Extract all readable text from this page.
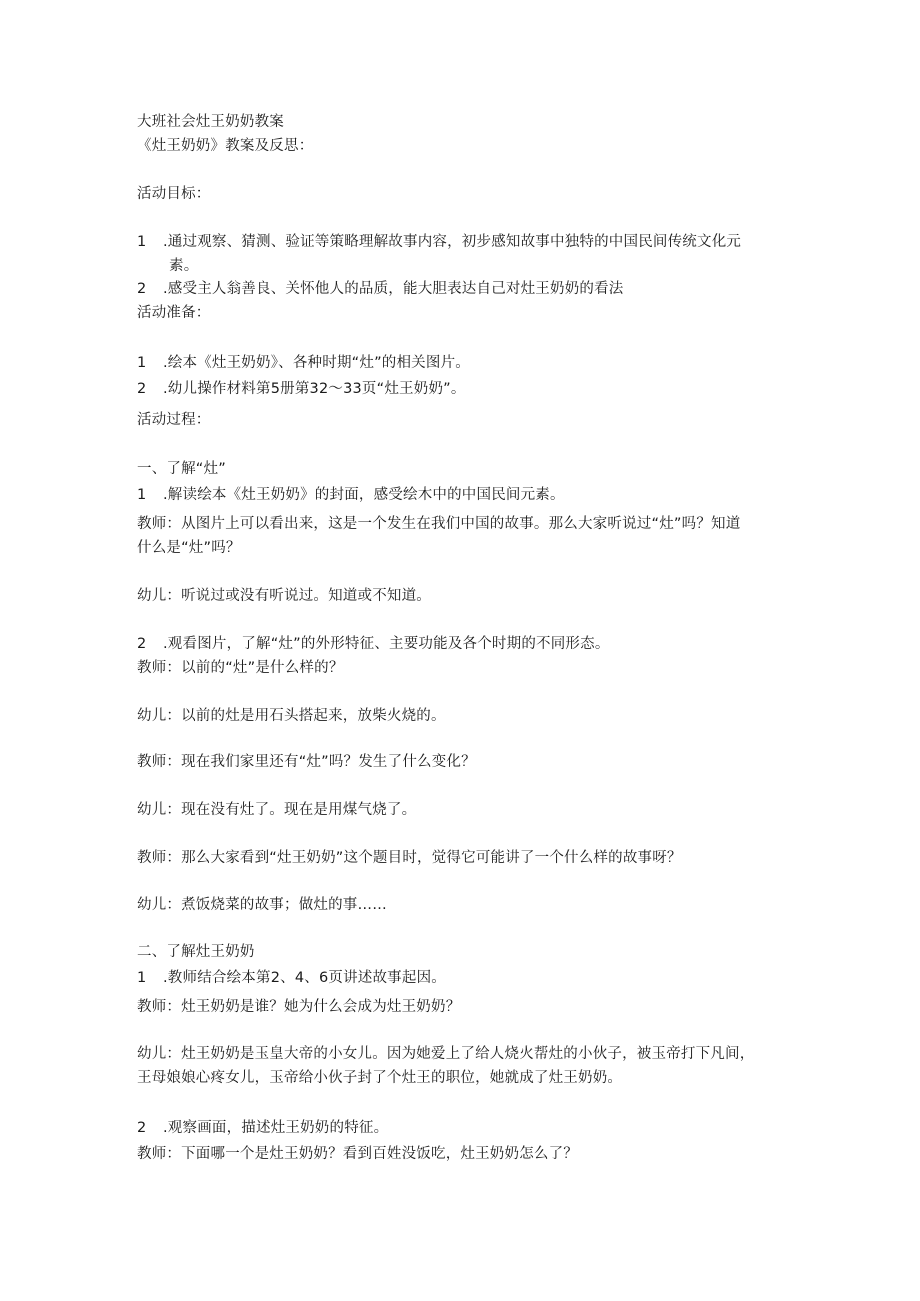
大班社会灶王奶奶教案
《灶王奶奶》教案及反思：
活动目标：
1 .通过观察、猜测、验证等策略理解故事内容，初步感知故事中独特的中国民间传统文化元
素。
2 .感受主人翁善良、关怀他人的品质，能大胆表达自己对灶王奶奶的看法
活动准备：
1 .绘本《灶王奶奶》、各种时期“灶”的相关图片。
2 .幼儿操作材料第5册第32〜33页“灶王奶奶”。
活动过程：
一、了解“灶”
1 .解读绘本《灶王奶奶》的封面，感受绘木中的中国民间元素。
教师：从图片上可以看出来，这是一个发生在我们中国的故事。那么大家听说过“灶”吗？知道
什么是“灶”吗？
幼儿：听说过或没有听说过。知道或不知道。
2 .观看图片，了解“灶”的外形特征、主要功能及各个时期的不同形态。
教师：以前的“灶”是什么样的？
幼儿：以前的灶是用石头搭起来，放柴火烧的。
教师：现在我们家里还有“灶”吗？发生了什么变化？
幼儿：现在没有灶了。现在是用煤气烧了。
教师：那么大家看到“灶王奶奶”这个题目时，觉得它可能讲了一个什么样的故事呀？
幼儿：煮饭烧菜的故事；做灶的事……
二、了解灶王奶奶
1 .教师结合绘本第2、4、6页讲述故事起因。
教师：灶王奶奶是谁？她为什么会成为灶王奶奶？
幼儿：灶王奶奶是玉皇大帝的小女儿。因为她爱上了给人烧火帮灶的小伙子，被玉帝打下凡间，
王母娘娘心疼女儿，玉帝给小伙子封了个灶王的职位，她就成了灶王奶奶。
2 .观察画面，描述灶王奶奶的特征。
教师：下面哪一个是灶王奶奶？看到百姓没饭吃，灶王奶奶怎么了？
